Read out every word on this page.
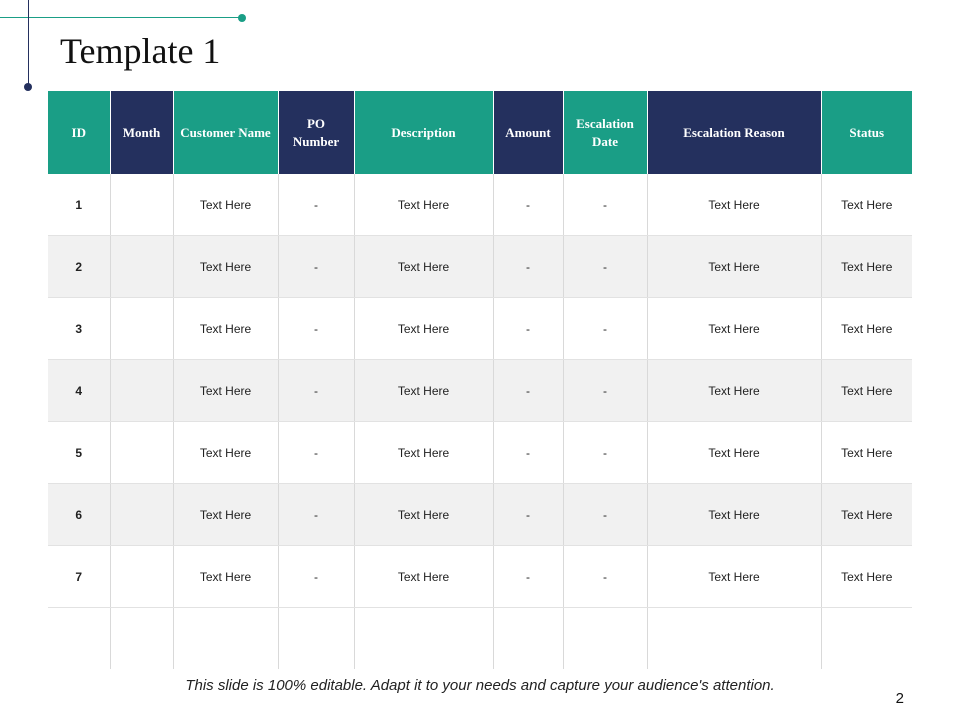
Template 1
ID	Month	Customer Name	PO Number	Description	Amount	Escalation Date	Escalation Reason	Status
1		Text Here	-	Text Here	-	-	Text Here	Text Here
2		Text Here	-	Text Here	-	-	Text Here	Text Here
3		Text Here	-	Text Here	-	-	Text Here	Text Here
4		Text Here	-	Text Here	-	-	Text Here	Text Here
5		Text Here	-	Text Here	-	-	Text Here	Text Here
6		Text Here	-	Text Here	-	-	Text Here	Text Here
7		Text Here	-	Text Here	-	-	Text Here	Text Here

This slide is 100% editable. Adapt it to your needs and capture your audience's attention.
2
